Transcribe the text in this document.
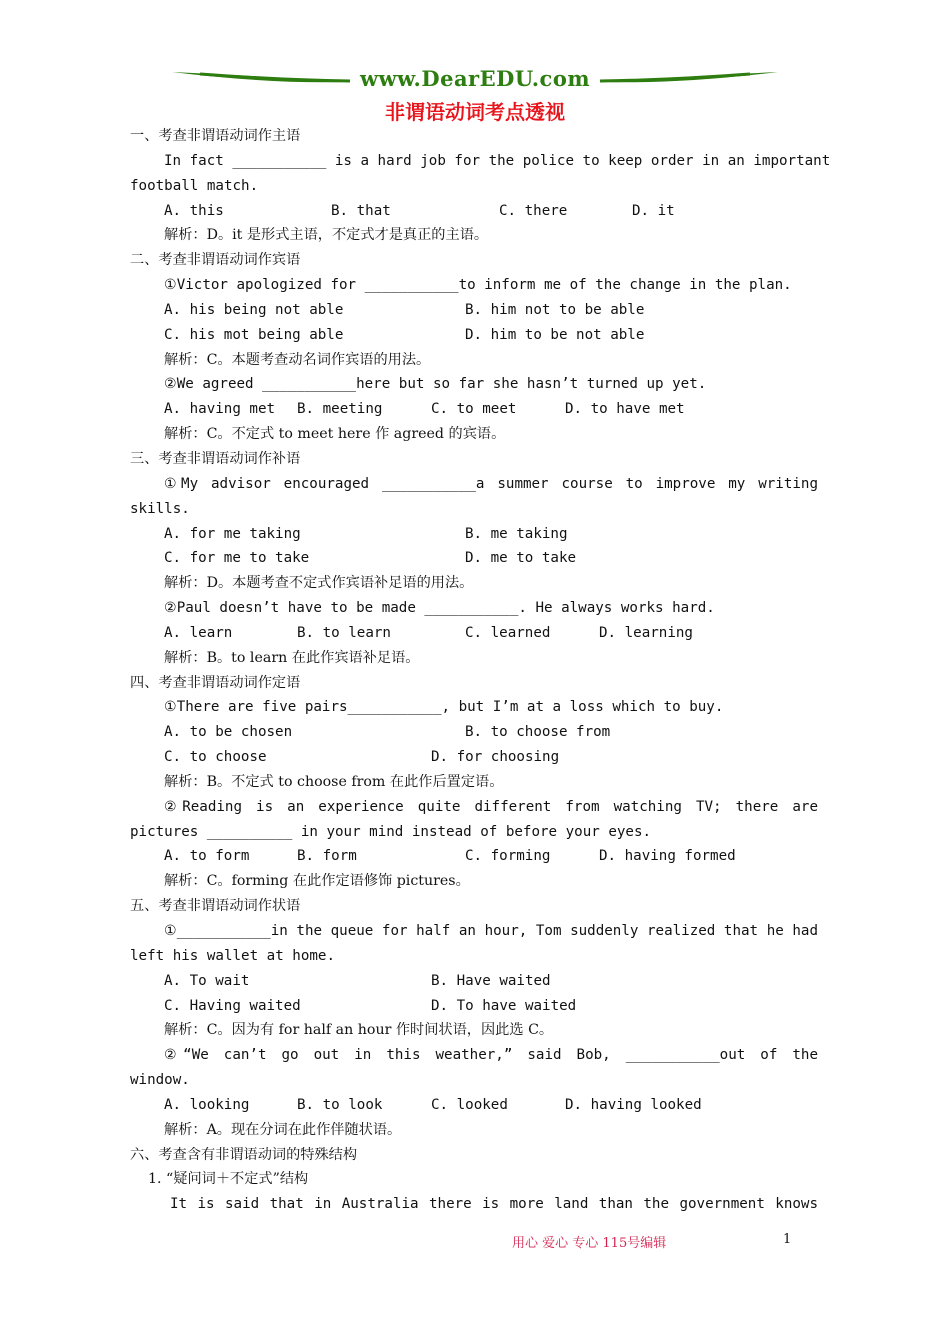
www.DearEDU.com
非谓语动词考点透视
一、考查非谓语动词作主语
In fact ___________ is a hard job for the police to keep order in an important
football match.
A. this	B. that	C. there	D. it
解析：D。it 是形式主语，不定式才是真正的主语。
二、考查非谓语动词作宾语
①Victor apologized for ___________to inform me of the change in the plan.
A. his being not able	B. him not to be able
C. his mot being able	D. him to be not able
解析：C。本题考查动名词作宾语的用法。
②We agreed ___________here but so far she hasn’t turned up yet.
A. having met	B. meeting	C. to meet	D. to have met
解析：C。不定式 to meet here 作 agreed 的宾语。
三、考查非谓语动词作补语
①My advisor encouraged ___________a summer course to improve my writing
skills.
A. for me taking	B. me taking
C. for me to take	D. me to take
解析：D。本题考查不定式作宾语补足语的用法。
②Paul doesn’t have to be made ___________. He always works hard.
A. learn	B. to learn	C. learned	D. learning
解析：B。to learn 在此作宾语补足语。
四、考查非谓语动词作定语
①There are five pairs___________, but I’m at a loss which to buy.
A. to be chosen	B. to choose from
C. to choose	D. for choosing
解析：B。不定式 to choose from 在此作后置定语。
②Reading is an experience quite different from watching TV; there are
pictures __________ in your mind instead of before your eyes.
A. to form	B. form	C. forming	D. having formed
解析：C。forming 在此作定语修饰 pictures。
五、考查非谓语动词作状语
①___________in the queue for half an hour, Tom suddenly realized that he had
left his wallet at home.
A. To wait	B. Have waited
C. Having waited	D. To have waited
解析：C。因为有 for half an hour 作时间状语，因此选 C。
②“We can’t go out in this weather,” said Bob, ___________out of the
window.
A. looking	B. to look	C. looked	D. having looked
解析：A。现在分词在此作伴随状语。
六、考查含有非谓语动词的特殊结构
1. “疑问词＋不定式”结构
It is said that in Australia there is more land than the government knows
用心 爱心 专心 115号编辑	1
